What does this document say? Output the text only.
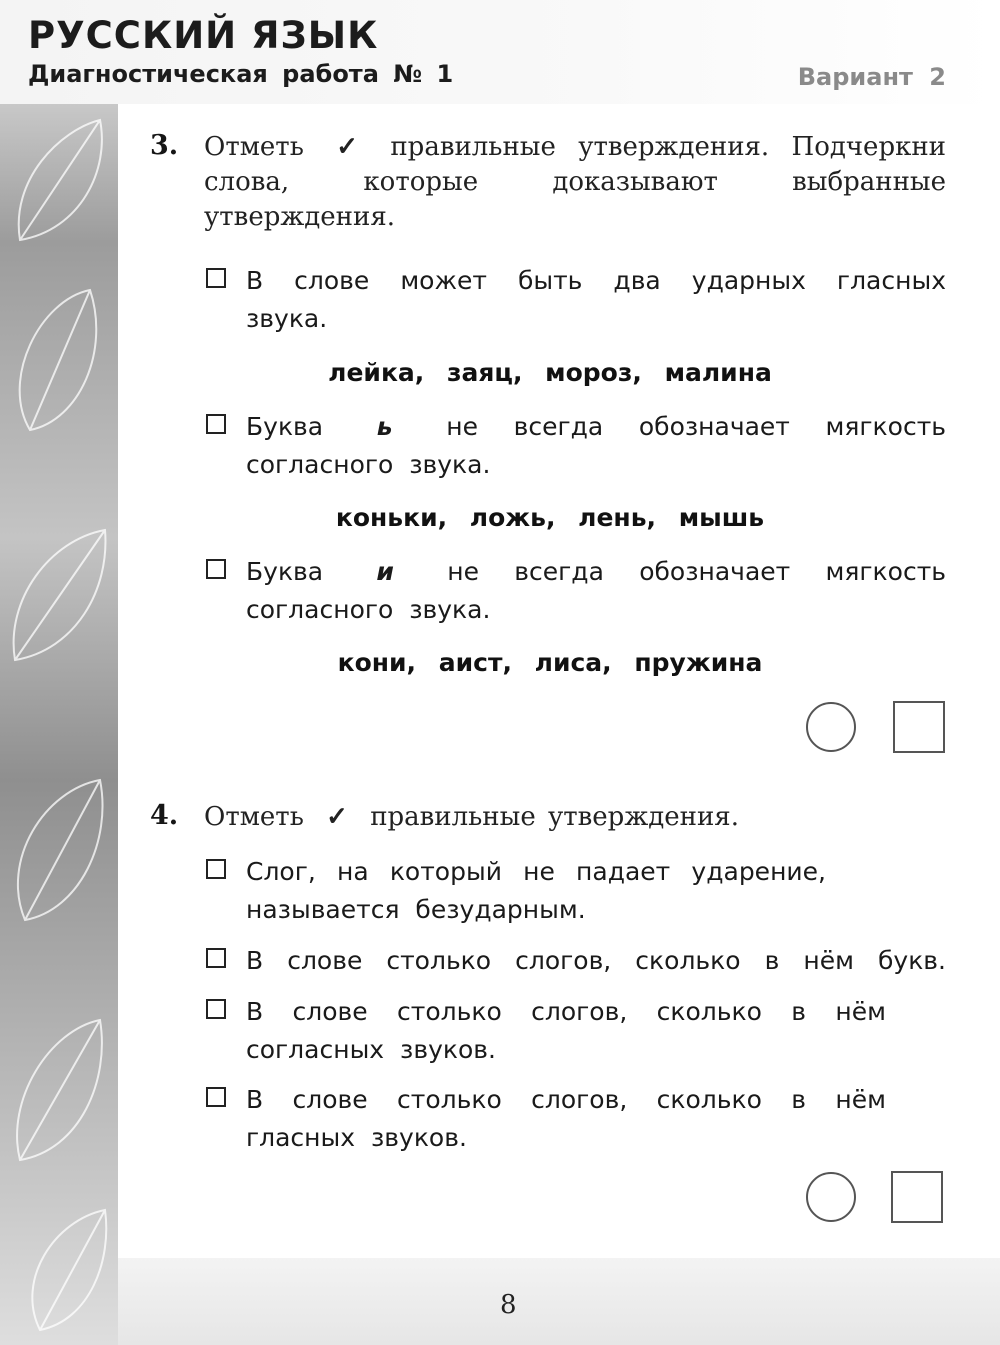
РУССКИЙ ЯЗЫК
Диагностическая работа № 1	Вариант 2
3. Отметь ✓ правильные утверждения. Подчеркни слова, которые доказывают выбранные утверждения.
В слове может быть два ударных гласных звука.
лейка, заяц, мороз, малина
Буква ь не всегда обозначает мягкость согласного звука.
коньки, ложь, лень, мышь
Буква и не всегда обозначает мягкость согласного звука.
кони, аист, лиса, пружина
4. Отметь ✓ правильные утверждения.
Слог, на который не падает ударение, называется безударным.
В слове столько слогов, сколько в нём букв.
В слове столько слогов, сколько в нём согласных звуков.
В слове столько слогов, сколько в нём гласных звуков.
8
